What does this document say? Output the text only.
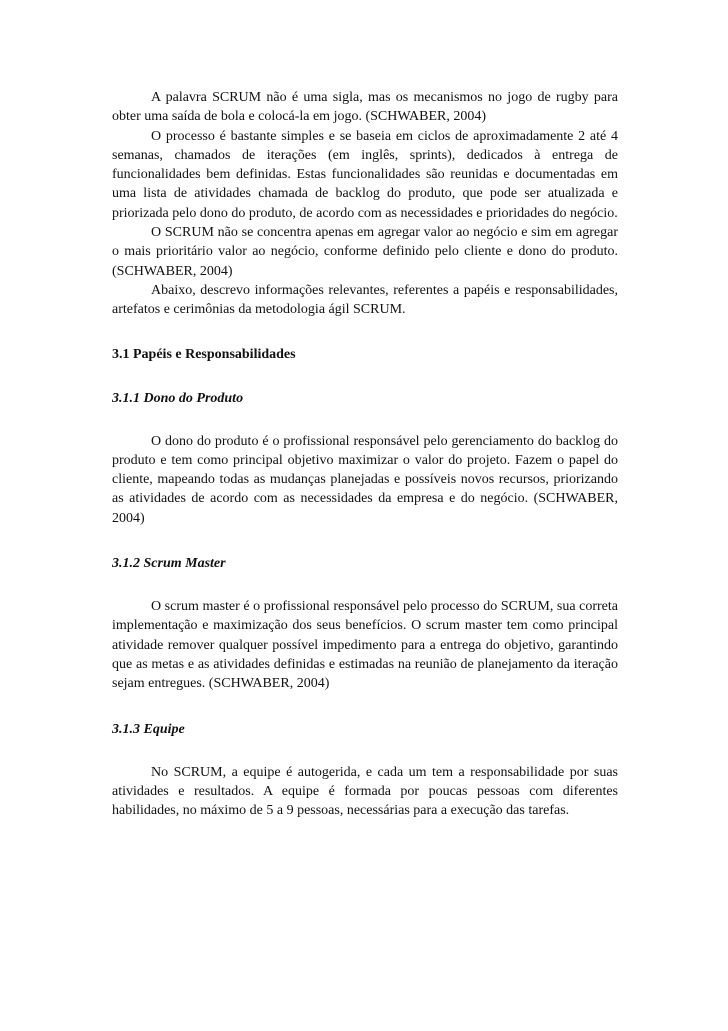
A palavra SCRUM não é uma sigla, mas os mecanismos no jogo de rugby para obter uma saída de bola e colocá-la em jogo. (SCHWABER, 2004)

O processo é bastante simples e se baseia em ciclos de aproximadamente 2 até 4 semanas, chamados de iterações (em inglês, sprints), dedicados à entrega de funcionalidades bem definidas. Estas funcionalidades são reunidas e documentadas em uma lista de atividades chamada de backlog do produto, que pode ser atualizada e priorizada pelo dono do produto, de acordo com as necessidades e prioridades do negócio.

O SCRUM não se concentra apenas em agregar valor ao negócio e sim em agregar o mais prioritário valor ao negócio, conforme definido pelo cliente e dono do produto. (SCHWABER, 2004)

Abaixo, descrevo informações relevantes, referentes a papéis e responsabilidades, artefatos e cerimônias da metodologia ágil SCRUM.

3.1 Papéis e Responsabilidades
3.1.1 Dono do Produto

O dono do produto é o profissional responsável pelo gerenciamento do backlog do produto e tem como principal objetivo maximizar o valor do projeto. Fazem o papel do cliente, mapeando todas as mudanças planejadas e possíveis novos recursos, priorizando as atividades de acordo com as necessidades da empresa e do negócio. (SCHWABER, 2004)

3.1.2 Scrum Master

O scrum master é o profissional responsável pelo processo do SCRUM, sua correta implementação e maximização dos seus benefícios. O scrum master tem como principal atividade remover qualquer possível impedimento para a entrega do objetivo, garantindo que as metas e as atividades definidas e estimadas na reunião de planejamento da iteração sejam entregues. (SCHWABER, 2004)

3.1.3 Equipe

No SCRUM, a equipe é autogerida, e cada um tem a responsabilidade por suas atividades e resultados. A equipe é formada por poucas pessoas com diferentes habilidades, no máximo de 5 a 9 pessoas, necessárias para a execução das tarefas.
